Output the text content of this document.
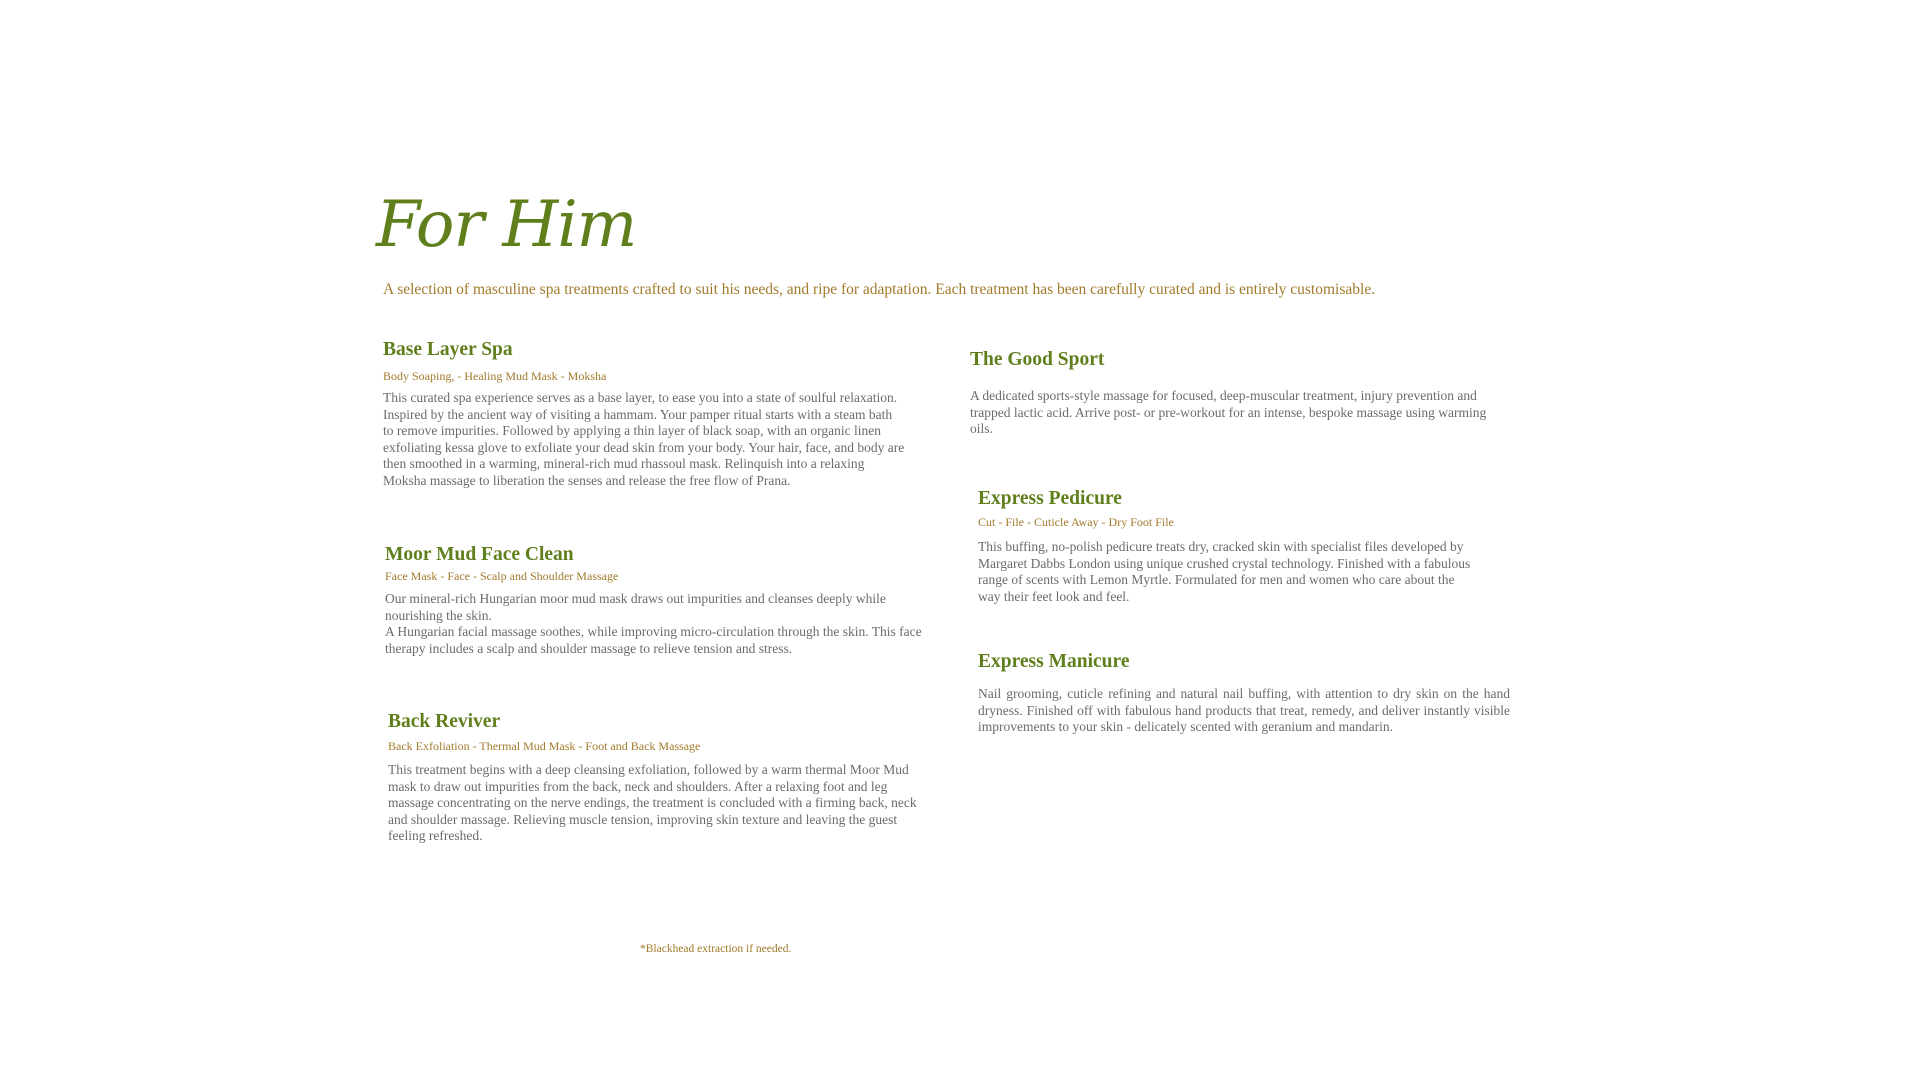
For Him
A selection of masculine spa treatments crafted to suit his needs, and ripe for adaptation. Each treatment has been carefully curated and is entirely customisable.
Base Layer Spa

Body Soaping, - Healing Mud Mask - Moksha

This curated spa experience serves as a base layer, to ease you into a state of soulful relaxation. Inspired by the ancient way of visiting a hammam. Your pamper ritual starts with a steam bath to remove impurities. Followed by applying a thin layer of black soap, with an organic linen exfoliating kessa glove to exfoliate your dead skin from your body. Your hair, face, and body are then smoothed in a warming, mineral-rich mud rhassoul mask. Relinquish into a relaxing Moksha massage to liberation the senses and release the free flow of Prana.

Moor Mud Face Clean

Face Mask - Face - Scalp and Shoulder Massage

Our mineral-rich Hungarian moor mud mask draws out impurities and cleanses deeply while nourishing the skin.

A Hungarian facial massage soothes, while improving micro-circulation through the skin. This face therapy includes a scalp and shoulder massage to relieve tension and stress.

Back Reviver

Back Exfoliation - Thermal Mud Mask - Foot and Back Massage

This treatment begins with a deep cleansing exfoliation, followed by a warm thermal Moor Mud mask to draw out impurities from the back, neck and shoulders. After a relaxing foot and leg massage concentrating on the nerve endings, the treatment is concluded with a firming back, neck and shoulder massage. Relieving muscle tension, improving skin texture and leaving the guest feeling refreshed.

The Good Sport

A dedicated sports-style massage for focused, deep-muscular treatment, injury prevention and trapped lactic acid. Arrive post- or pre-workout for an intense, bespoke massage using warming oils.

Express Pedicure

Cut - File - Cuticle Away - Dry Foot File

This buffing, no-polish pedicure treats dry, cracked skin with specialist files developed by Margaret Dabbs London using unique crushed crystal technology. Finished with a fabulous range of scents with Lemon Myrtle. Formulated for men and women who care about the way their feet look and feel.

Express Manicure

Nail grooming, cuticle refining and natural nail buffing, with attention to dry skin on the hand dryness. Finished off with fabulous hand products that treat, remedy, and deliver instantly visible improvements to your skin - delicately scented with geranium and mandarin.

*Blackhead extraction if needed.
